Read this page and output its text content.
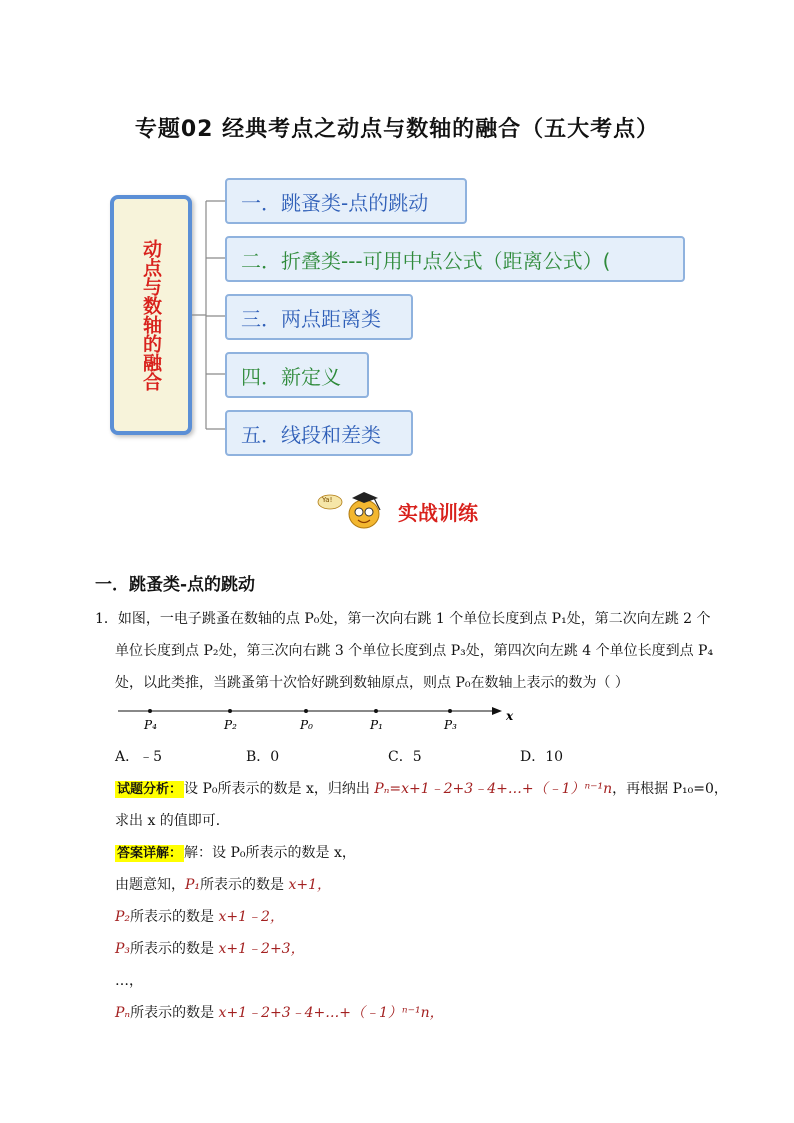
专题02 经典考点之动点与数轴的融合（五大考点）
动点与数轴的融合
一．跳蚤类-点的跳动
二．折叠类---可用中点公式（距离公式）(
三．两点距离类
四．新定义
五．线段和差类
Ya!
实战训练
一．跳蚤类-点的跳动
1．如图，一电子跳蚤在数轴的点 P₀处，第一次向右跳 1 个单位长度到点 P₁处，第二次向左跳 2 个
单位长度到点 P₂处，第三次向右跳 3 个单位长度到点 P₃处，第四次向左跳 4 个单位长度到点 P₄
处，以此类推，当跳蚤第十次恰好跳到数轴原点，则点 P₀在数轴上表示的数为（ ）
P₄	P₂	P₀	P₁	P₃
x
A．﹣5	B．0	C．5	D．10
试题分析： 设 P₀所表示的数是 x，归纳出 Pₙ=x+1﹣2+3﹣4+…+（﹣1）ⁿ⁻¹n，再根据 P₁₀=0，
求出 x 的值即可．
答案详解： 解：设 P₀所表示的数是 x，
由题意知，P₁所表示的数是 x+1，
P₂所表示的数是 x+1﹣2，
P₃所表示的数是 x+1﹣2+3，
…，
Pₙ所表示的数是 x+1﹣2+3﹣4+…+（﹣1）ⁿ⁻¹n，
